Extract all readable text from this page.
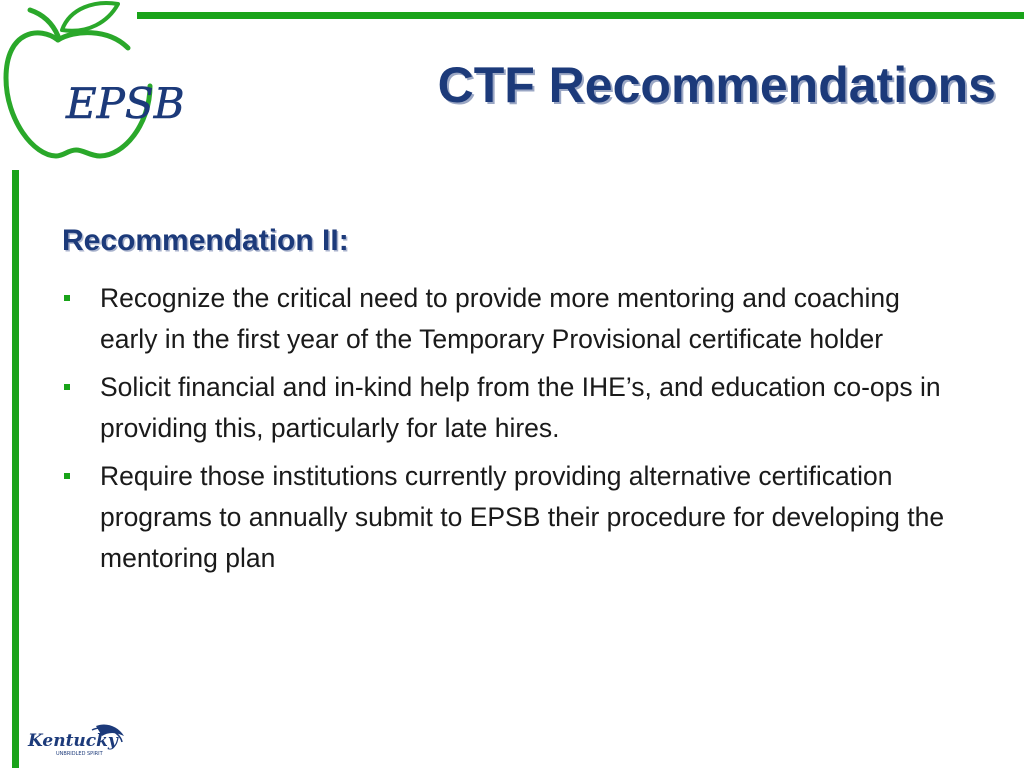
EPSB	CTF Recommendations
Recommendation II:
Recognize the critical need to provide more mentoring and coaching early in the first year of the Temporary Provisional certificate holder
Solicit financial and in-kind help from the IHE’s, and education co-ops in providing this, particularly for late hires.
Require those institutions currently providing alternative certification programs to annually submit to EPSB their procedure for developing the mentoring plan
Kentucky
UNBRIDLED SPIRIT
